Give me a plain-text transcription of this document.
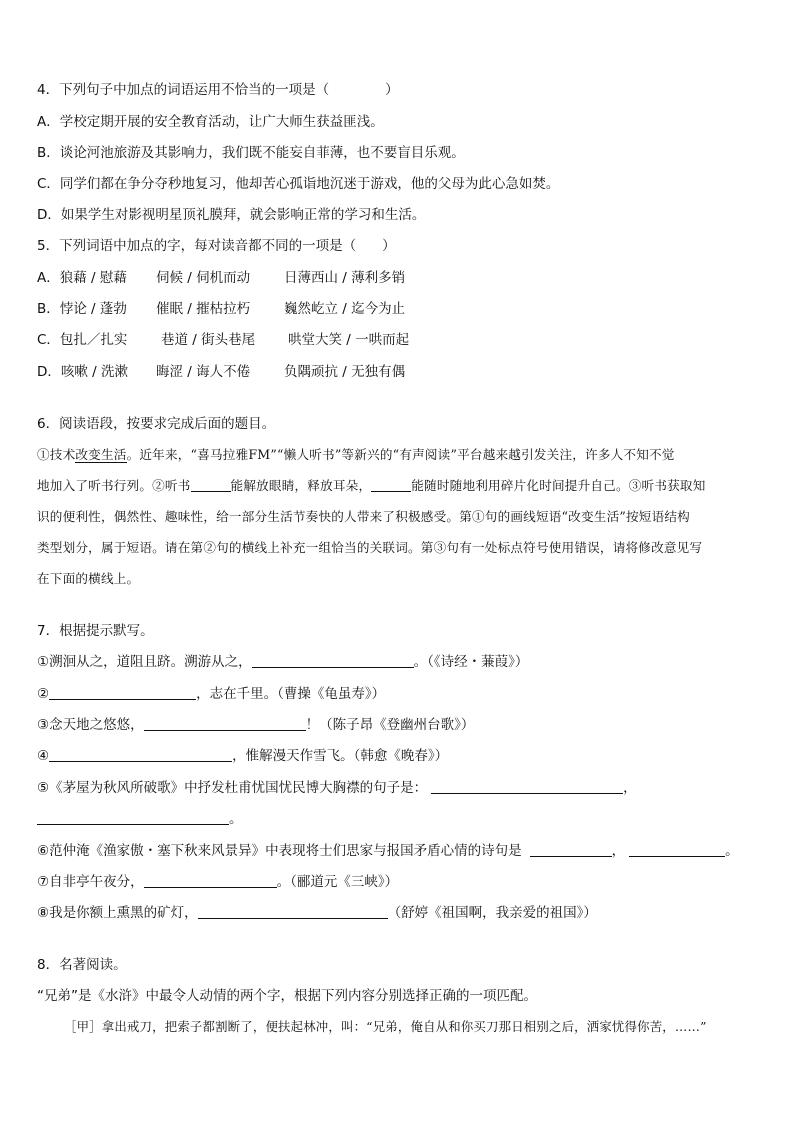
4．下列句子中加点的词语运用不恰当的一项是（	）
A．学校定期开展的安全教育活动，让广大师生获益匪浅。
B．谈论河池旅游及其影响力，我们既不能妄自菲薄，也不要盲目乐观。
C．同学们都在争分夺秒地复习，他却苦心孤诣地沉迷于游戏，他的父母为此心急如焚。
D．如果学生对影视明星顶礼膜拜，就会影响正常的学习和生活。
5．下列词语中加点的字，每对读音都不同的一项是（ ）
A．狼藉 / 慰藉 伺候 / 伺机而动	日薄西山 / 薄利多销
B．悖论 / 蓬勃 催眠 / 摧枯拉朽	巍然屹立 / 迄今为止
C．包扎／扎实 巷道 / 街头巷尾 哄堂大笑 / 一哄而起
D．咳嗽 / 洗漱 晦涩 / 诲人不倦	负隅顽抗 / 无独有偶
6．阅读语段，按要求完成后面的题目。
①技术改变生活。近年来，“喜马拉雅FM”“懒人听书”等新兴的“有声阅读”平台越来越引发关注，许多人不知不觉
地加入了听书行列。②听书	能解放眼睛，释放耳朵，	能随时随地利用碎片化时间提升自己。③听书获取知
识的便利性，偶然性、趣味性，给一部分生活节奏快的人带来了积极感受。第①句的画线短语“改变生活”按短语结构
类型划分，属于短语。请在第②句的横线上补充一组恰当的关联词。第③句有一处标点符号使用错误，请将修改意见写
在下面的横线上。
7．根据提示默写。
①溯洄从之，道阻且跻。溯游从之，	。（《诗经・蒹葭》）
②	，志在千里。（曹操《龟虽寿》）
③念天地之悠悠，	！（陈子昂《登幽州台歌》）
④	，惟解漫天作雪飞。（韩愈《晚春》）
⑤《茅屋为秋风所破歌》中抒发杜甫忧国忧民博大胸襟的句子是：	，
。
⑥范仲淹《渔家傲・塞下秋来风景异》中表现将士们思家与报国矛盾心情的诗句是	，	。
⑦自非亭午夜分，	。（郦道元《三峡》）
⑧我是你额上熏黑的矿灯，	（舒婷《祖国啊，我亲爱的祖国》）
8．名著阅读。
“兄弟”是《水浒》中最令人动情的两个字，根据下列内容分别选择正确的一项匹配。
［甲］拿出戒刀，把索子都割断了，便扶起林冲，叫：“兄弟，俺自从和你买刀那日相别之后，洒家忧得你苦，……”
